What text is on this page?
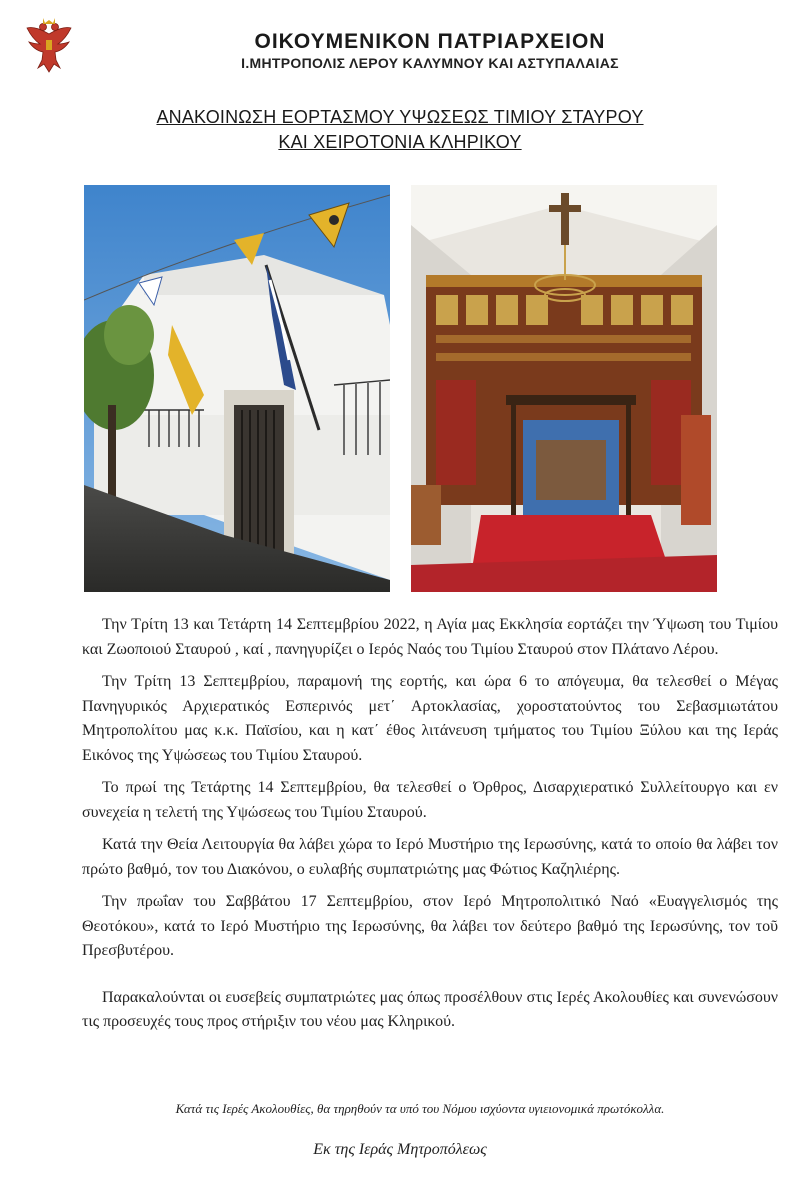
ΟΙΚΟΥΜΕΝΙΚΟΝ ΠΑΤΡΙΑΡΧΕΙΟΝ
Ι.ΜΗΤΡΟΠΟΛΙΣ ΛΕΡΟΥ ΚΑΛΥΜΝΟΥ ΚΑΙ ΑΣΤΥΠΑΛΑΙΑΣ
ΑΝΑΚΟΙΝΩΣΗ ΕΟΡΤΑΣΜΟΥ ΥΨΩΣΕΩΣ ΤΙΜΙΟΥ ΣΤΑΥΡΟΥ
ΚΑΙ ΧΕΙΡΟΤΟΝΙΑ ΚΛΗΡΙΚΟΥ

Την Τρίτη 13 και Τετάρτη 14 Σεπτεμβρίου 2022, η Αγία μας Εκκλησία εορτάζει την Ύψωση του Τιμίου και Ζωοποιού Σταυρού , καί , πανηγυρίζει ο Ιερός Ναός του Τιμίου Σταυρού στον Πλάτανο Λέρου.

Την Τρίτη 13 Σεπτεμβρίου, παραμονή της εορτής, και ώρα 6 το απόγευμα, θα τελεσθεί ο Μέγας Πανηγυρικός Αρχιερατικός Εσπερινός μετ΄ Αρτοκλασίας, χοροστατούντος του Σεβασμιωτάτου Μητροπολίτου μας κ.κ. Παϊσίου, και η κατ΄ έθος λιτάνευση τμήματος του Τιμίου Ξύλου και της Ιεράς Εικόνος της Υψώσεως του Τιμίου Σταυρού.

Το πρωί της Τετάρτης 14 Σεπτεμβρίου, θα τελεσθεί ο Όρθρος, Δισαρχιερατικό Συλλείτουργο και εν συνεχεία η τελετή της Υψώσεως του Τιμίου Σταυρού.

Κατά την Θεία Λειτουργία θα λάβει χώρα το Ιερό Μυστήριο της Ιερωσύνης, κατά το οποίο θα λάβει τον πρώτο βαθμό, τον του Διακόνου, ο ευλαβής συμπατριώτης μας Φώτιος Καζηλιέρης.

Την πρωΐαν του Σαββάτου 17 Σεπτεμβρίου, στον Ιερό Μητροπολιτικό Ναό «Ευαγγελισμός της Θεοτόκου», κατά το Ιερό Μυστήριο της Ιερωσύνης, θα λάβει τον δεύτερο βαθμό της Ιερωσύνης, τον τοῦ Πρεσβυτέρου.

Παρακαλούνται οι ευσεβείς συμπατριώτες μας όπως προσέλθουν στις Ιερές Ακολουθίες και συνενώσουν τις προσευχές τους προς στήριξιν του νέου μας Κληρικού.

Κατά τις Ιερές Ακολουθίες, θα τηρηθούν τα υπό του Νόμου ισχύοντα υγιειονομικά πρωτόκολλα.
Εκ της Ιεράς Μητροπόλεως
